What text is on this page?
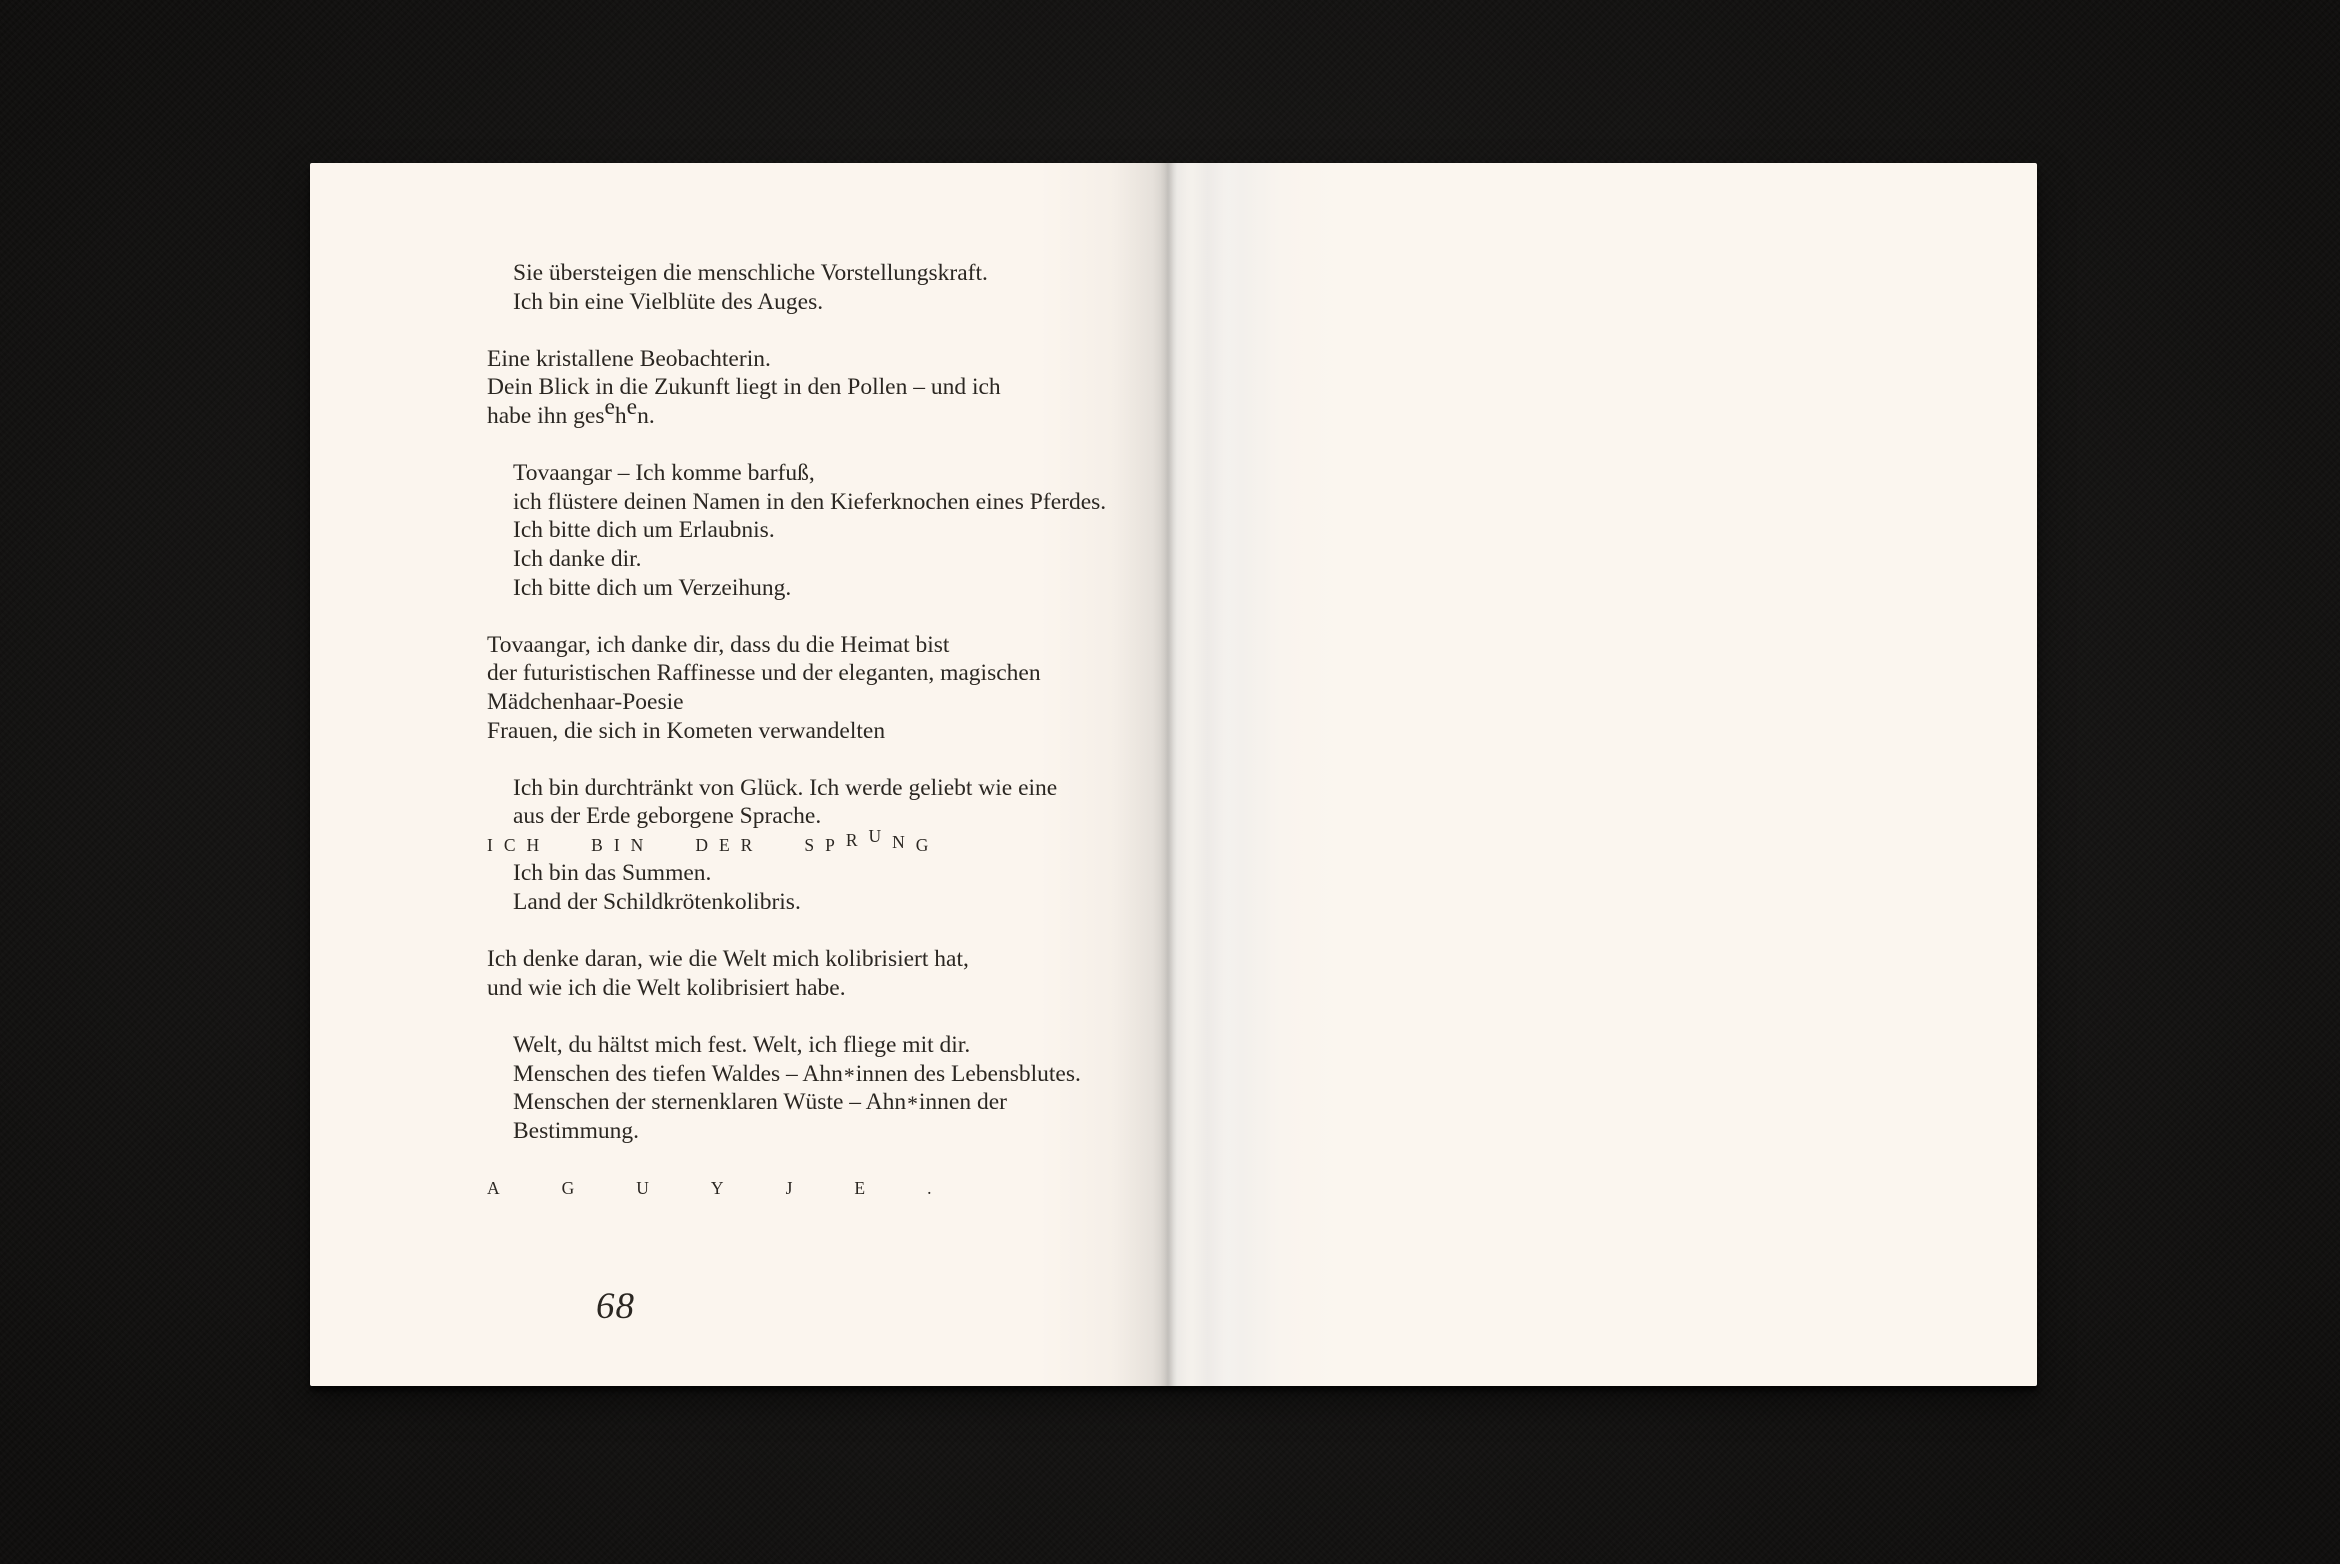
Sie übersteigen die menschliche Vorstellungskraft.
Ich bin eine Vielblüte des Auges.
Eine kristallene Beobachterin.
Dein Blick in die Zukunft liegt in den Pollen – und ich
habe ihn gesehen.
Tovaangar – Ich komme barfuß,
ich flüstere deinen Namen in den Kieferknochen eines Pferdes.
Ich bitte dich um Erlaubnis.
Ich danke dir.
Ich bitte dich um Verzeihung.
Tovaangar, ich danke dir, dass du die Heimat bist
der futuristischen Raffinesse und der eleganten, magischen
Mädchenhaar-Poesie
Frauen, die sich in Kometen verwandelten
Ich bin durchtränkt von Glück. Ich werde geliebt wie eine
aus der Erde geborgene Sprache.
I C H	B I N	D E R	S P R U N G
Ich bin das Summen.
Land der Schildkrötenkolibris.
Ich denke daran, wie die Welt mich kolibrisiert hat,
und wie ich die Welt kolibrisiert habe.
Welt, du hältst mich fest. Welt, ich fliege mit dir.
Menschen des tiefen Waldes – Ahn*innen des Lebensblutes.
Menschen der sternenklaren Wüste – Ahn*innen der
Bestimmung.
A	G	U	Y	J	E	.
68
